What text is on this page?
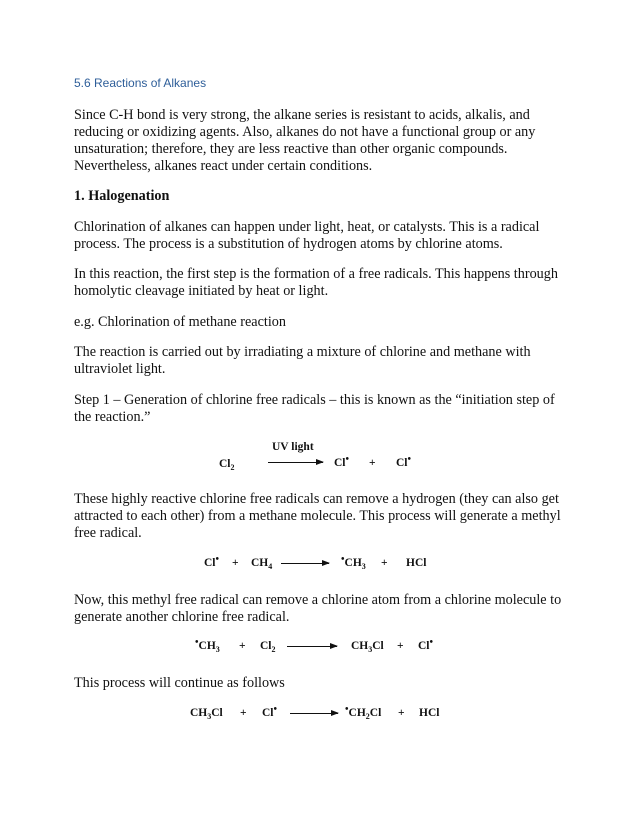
5.6 Reactions of Alkanes

Since C-H bond is very strong, the alkane series is resistant to acids, alkalis, and reducing or oxidizing agents. Also, alkanes do not have a functional group or any unsaturation; therefore, they are less reactive than other organic compounds. Nevertheless, alkanes react under certain conditions.

1. Halogenation

Chlorination of alkanes can happen under light, heat, or catalysts. This is a radical process. The process is a substitution of hydrogen atoms by chlorine atoms.

In this reaction, the first step is the formation of a free radicals. This happens through homolytic cleavage initiated by heat or light.

e.g. Chlorination of methane reaction

The reaction is carried out by irradiating a mixture of chlorine and methane with ultraviolet light.

Step 1 – Generation of chlorine free radicals – this is known as the “initiation step of the reaction.”

UV light
$Cl_2$	Cl• + Cl•

These highly reactive chlorine free radicals can remove a hydrogen (they can also get attracted to each other) from a methane molecule. This process will generate a methyl free radical.

$Cl^• + CH_4$
$^•CH_3$ + HCl

Now, this methyl free radical can remove a chlorine atom from a chlorine molecule to generate another chlorine free radical.

$^•CH_3 + Cl_2$	$CH_3Cl + Cl^•$

This process will continue as follows

$CH_3Cl + Cl^•$	$^•CH_2Cl$ + HCl
